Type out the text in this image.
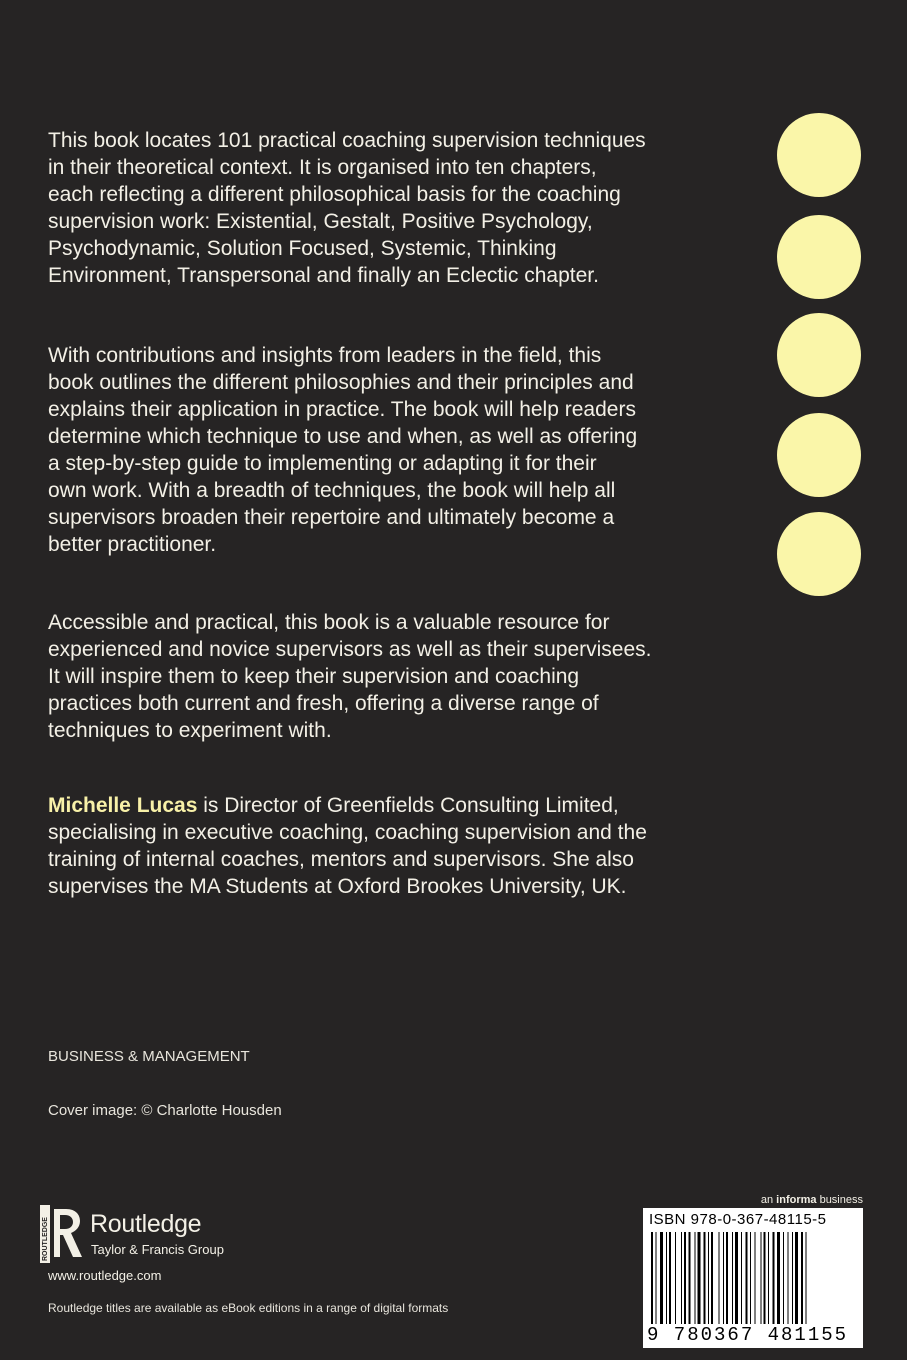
This book locates 101 practical coaching supervision techniques
in their theoretical context. It is organised into ten chapters,
each reflecting a different philosophical basis for the coaching
supervision work: Existential, Gestalt, Positive Psychology,
Psychodynamic, Solution Focused, Systemic, Thinking
Environment, Transpersonal and finally an Eclectic chapter.

With contributions and insights from leaders in the field, this
book outlines the different philosophies and their principles and
explains their application in practice. The book will help readers
determine which technique to use and when, as well as offering
a step-by-step guide to implementing or adapting it for their
own work. With a breadth of techniques, the book will help all
supervisors broaden their repertoire and ultimately become a
better practitioner.

Accessible and practical, this book is a valuable resource for
experienced and novice supervisors as well as their supervisees.
It will inspire them to keep their supervision and coaching
practices both current and fresh, offering a diverse range of
techniques to experiment with.

Michelle Lucas is Director of Greenfields Consulting Limited,
specialising in executive coaching, coaching supervision and the
training of internal coaches, mentors and supervisors. She also
supervises the MA Students at Oxford Brookes University, UK.

BUSINESS & MANAGEMENT

Cover image: © Charlotte Housden

ROUTLEDGE Routledge
Taylor & Francis Group
www.routledge.com
Routledge titles are available as eBook editions in a range of digital formats
an informa business
ISBN 978-0-367-48115-5
9 780367 481155
